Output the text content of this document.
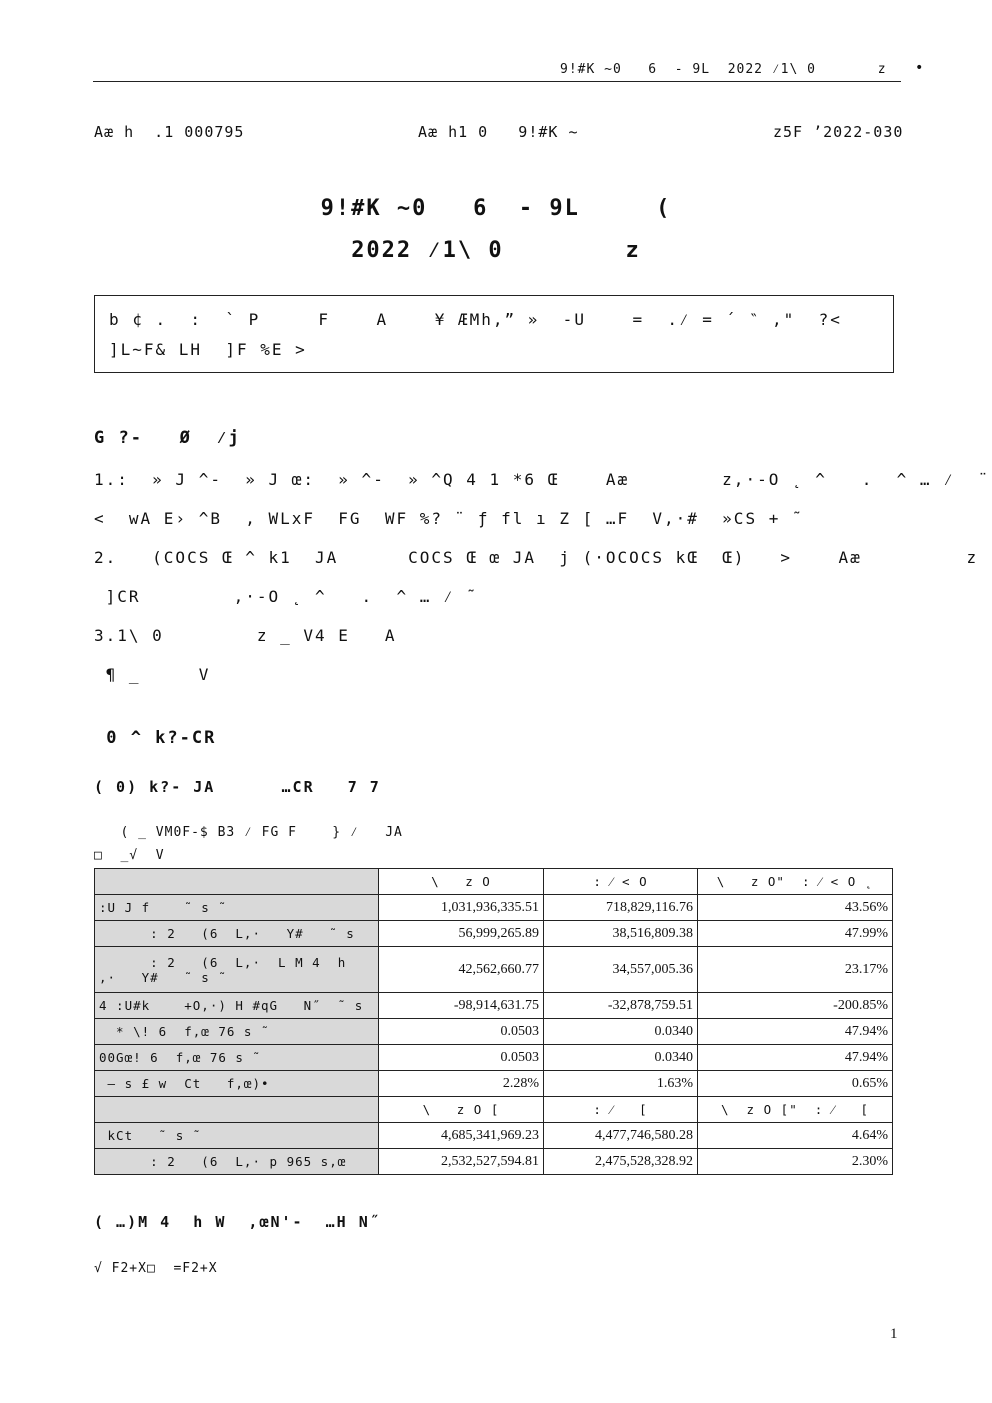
9!#K ~0   6  - 9L  2022 ⁄1\ 0       z •
Aæ h  .1 000795	Aæ h1 0   9!#K ~	z5F ’2022-030
9!#K ~0   6  - 9L     (
2022 ⁄1\ 0        z
b ¢ .  :  ` P     F    A    ¥ ÆMh,” »  -U    =  .⁄ = ´ ‶ ,"  ?<
]L~F& LH  ]F %E >
G ?-   Ø  ⁄j
1.:  » J ^-  » J œ:  » ^-  » ^Q 4 1 *6 Œ    Aæ        z,·-O ˛ ^   .  ^ … ⁄  ¨
<  wA E› ^B  , WLxF  FG  WF %? ¨ ƒ fl ı Z [ …F  V,·#  »CS + ˜
2.   (COCS Œ ^ k1  JA      COCS Œ œ JA  j (·OCOCS kŒ  Œ)   >    Aæ         z
]CR        ,·-O ˛ ^   .  ^ … ⁄ ˜
3.1\ 0        z _ V4 E   A
¶ _     V
0 ^ k?-CR
( 0) k?- JA      …CR   7 7
( _ VM0F-$ B3 ⁄ FG F    } ⁄   JA
□  _√  V
	\   z O	: ⁄ < O	\   z O"  : ⁄ < O ˛
:U J f    ˜ s ˜	1,031,936,335.51	718,829,116.76	43.56%
: 2   (6  L,·   Y#   ˜ s	56,999,265.89	38,516,809.38	47.99%
: 2   (6  L,·  L M 4  h
,·   Y#   ˜ s ˜	42,562,660.77	34,557,005.36	23.17%
4 :U#k    +O,·) H #qG   N˝  ˜ s	-98,914,631.75	-32,878,759.51	-200.85%
* \! 6  f,œ 76 s ˜	0.0503	0.0340	47.94%
00Gœ! 6  f,œ 76 s ˜	0.0503	0.0340	47.94%
— s £ w  Ct   f,œ)•	2.28%	1.63%	0.65%
	\   z O [	: ⁄   [	\  z O ["  : ⁄   [
kCt   ˜ s ˜	4,685,341,969.23	4,477,746,580.28	4.64%
: 2   (6  L,· p 965 s,œ	2,532,527,594.81	2,475,528,328.92	2.30%
( …)M 4  h W  ,œN'-  …H N˝
√ F2+X□  =F2+X
1
